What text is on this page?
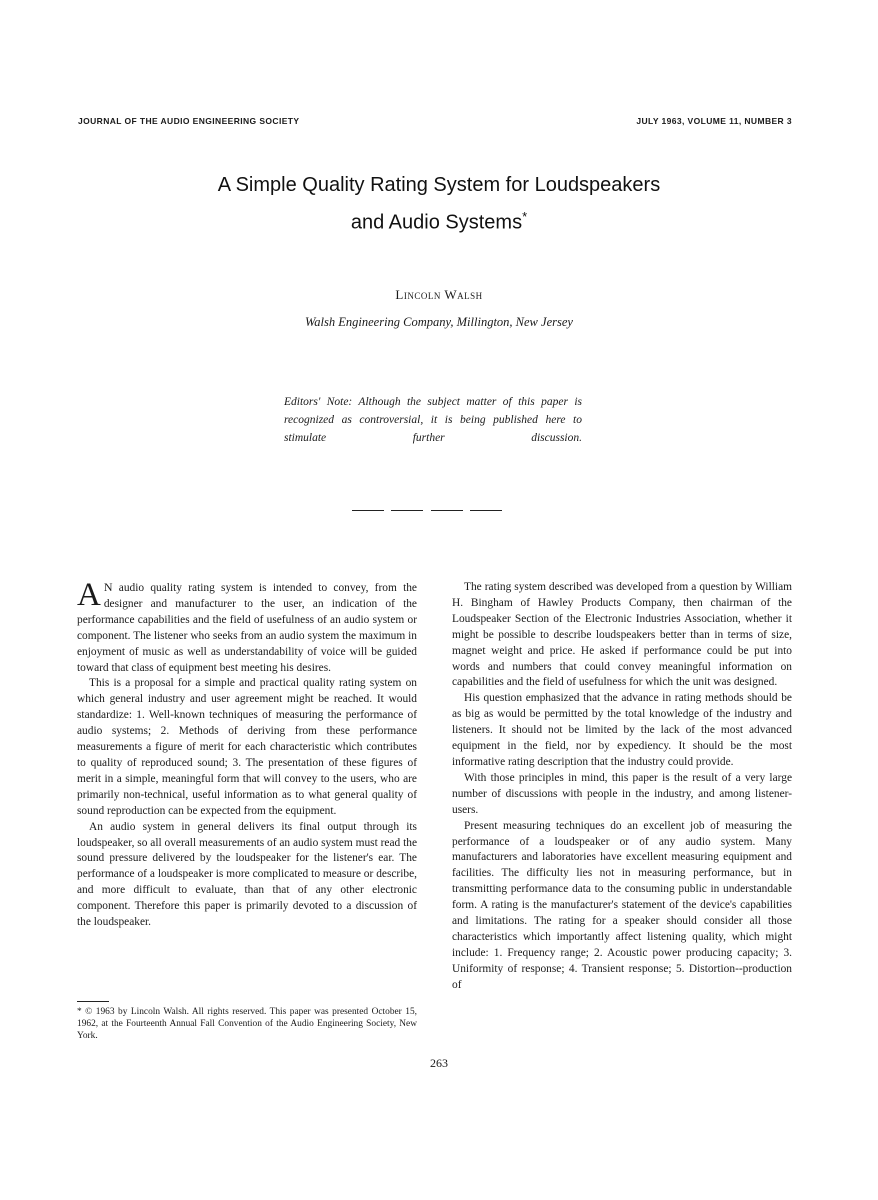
JOURNAL OF THE AUDIO ENGINEERING SOCIETY	JULY 1963, VOLUME 11, NUMBER 3
A Simple Quality Rating System for Loudspeakers
and Audio Systems*
Lincoln Walsh
Walsh Engineering Company, Millington, New Jersey
Editors' Note: Although the subject matter of this paper is recognized as controversial, it is being published here to stimulate further discussion.

A N audio quality rating system is intended to convey, from the designer and manufacturer to the user, an indication of the performance capabilities and the field of usefulness of an audio system or component. The listener who seeks from an audio system the maximum in enjoyment of music as well as understandability of voice will be guided toward that class of equipment best meeting his desires.

This is a proposal for a simple and practical quality rating system on which general industry and user agreement might be reached. It would standardize: 1. Well-known techniques of measuring the performance of audio systems; 2. Methods of deriving from these performance measurements a figure of merit for each characteristic which contributes to quality of reproduced sound; 3. The presentation of these figures of merit in a simple, meaningful form that will convey to the users, who are primarily non-technical, useful information as to what general quality of sound reproduction can be expected from the equipment.

An audio system in general delivers its final output through its loudspeaker, so all overall measurements of an audio system must read the sound pressure delivered by the loudspeaker for the listener's ear. The performance of a loudspeaker is more complicated to measure or describe, and more difficult to evaluate, than that of any other electronic component. Therefore this paper is primarily devoted to a discussion of the loudspeaker.

The rating system described was developed from a question by William H. Bingham of Hawley Products Company, then chairman of the Loudspeaker Section of the Electronic Industries Association, whether it might be possible to describe loudspeakers better than in terms of size, magnet weight and price. He asked if performance could be put into words and numbers that could convey meaningful information on capabilities and the field of usefulness for which the unit was designed.

His question emphasized that the advance in rating methods should be as big as would be permitted by the total knowledge of the industry and listeners. It should not be limited by the lack of the most advanced equipment in the field, nor by expediency. It should be the most informative rating description that the industry could provide.

With those principles in mind, this paper is the result of a very large number of discussions with people in the industry, and among listener-users.

Present measuring techniques do an excellent job of measuring the performance of a loudspeaker or of any audio system. Many manufacturers and laboratories have excellent measuring equipment and facilities. The difficulty lies not in measuring performance, but in transmitting performance data to the consuming public in understandable form. A rating is the manufacturer's statement of the device's capabilities and limitations. The rating for a speaker should consider all those characteristics which importantly affect listening quality, which might include: 1. Frequency range; 2. Acoustic power producing capacity; 3. Uniformity of response; 4. Transient response; 5. Distortion--production of

* © 1963 by Lincoln Walsh. All rights reserved. This paper was presented October 15, 1962, at the Fourteenth Annual Fall Convention of the Audio Engineering Society, New York.
263
